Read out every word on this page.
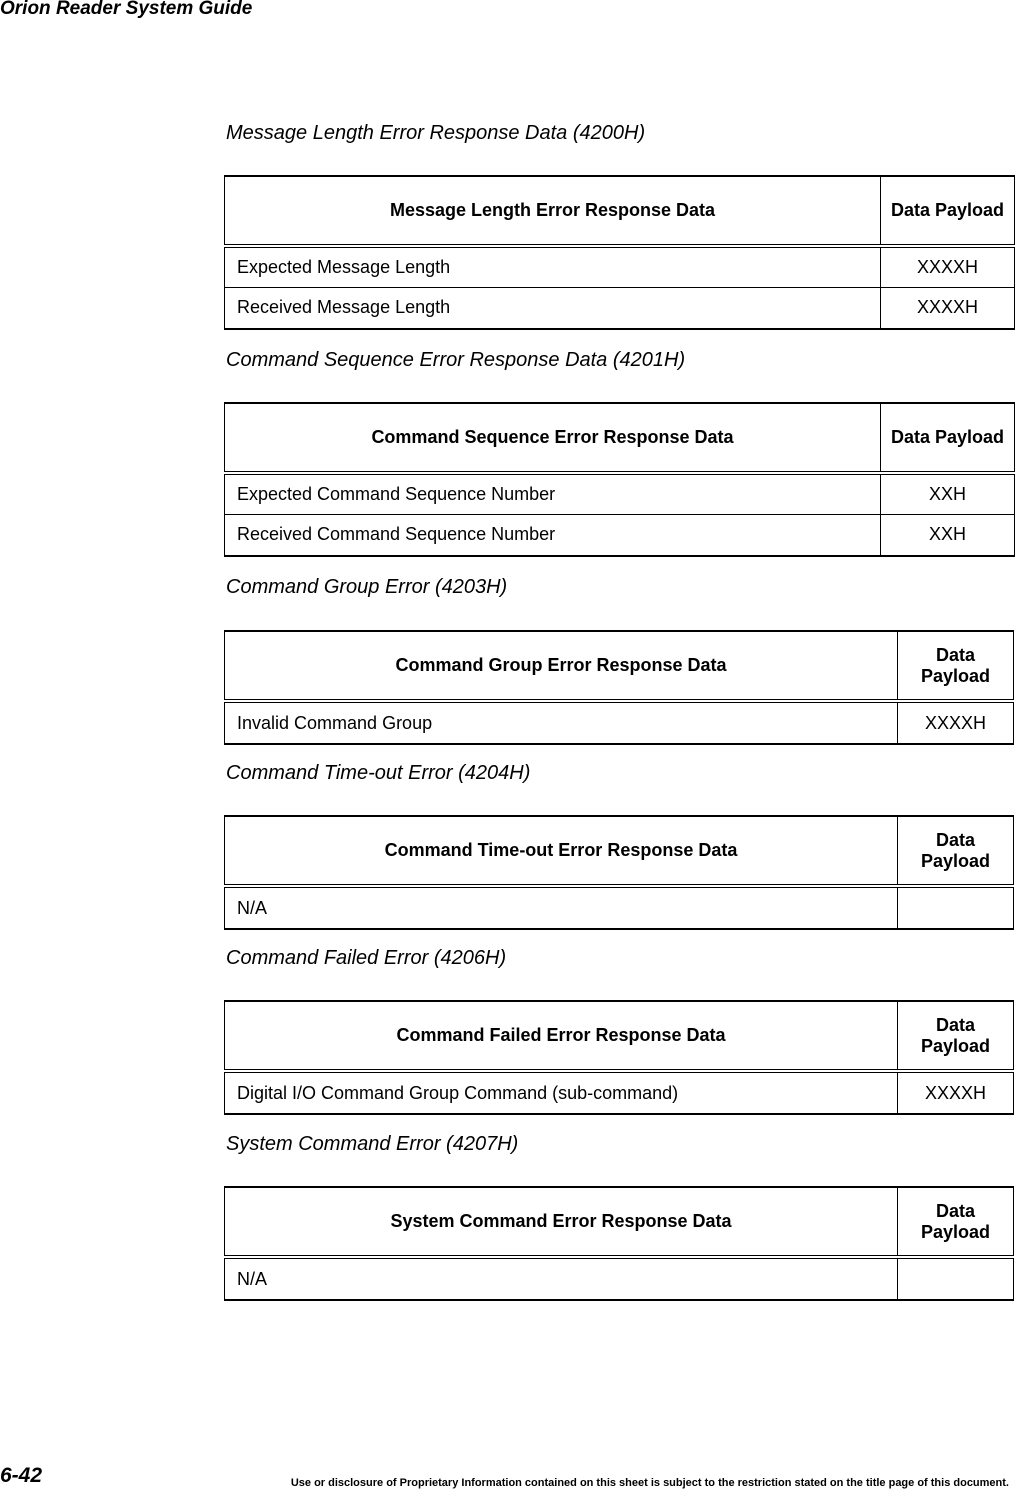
Orion Reader System Guide
Message Length Error Response Data (4200H)
Message Length Error Response Data	Data Payload
Expected Message Length	XXXXH
Received Message Length	XXXXH
Command Sequence Error Response Data (4201H)
Command Sequence Error Response Data	Data Payload
Expected Command Sequence Number	XXH
Received Command Sequence Number	XXH
Command Group Error (4203H)
Command Group Error Response Data	Data Payload
Invalid Command Group	XXXXH
Command Time-out Error (4204H)
Command Time-out Error Response Data	Data Payload
N/A	
Command Failed Error (4206H)
Command Failed Error Response Data	Data Payload
Digital I/O Command Group Command (sub-command)	XXXXH
System Command Error (4207H)
System Command Error Response Data	Data Payload
N/A	
6-42	Use or disclosure of Proprietary Information contained on this sheet is subject to the restriction stated on the title page of this document.
